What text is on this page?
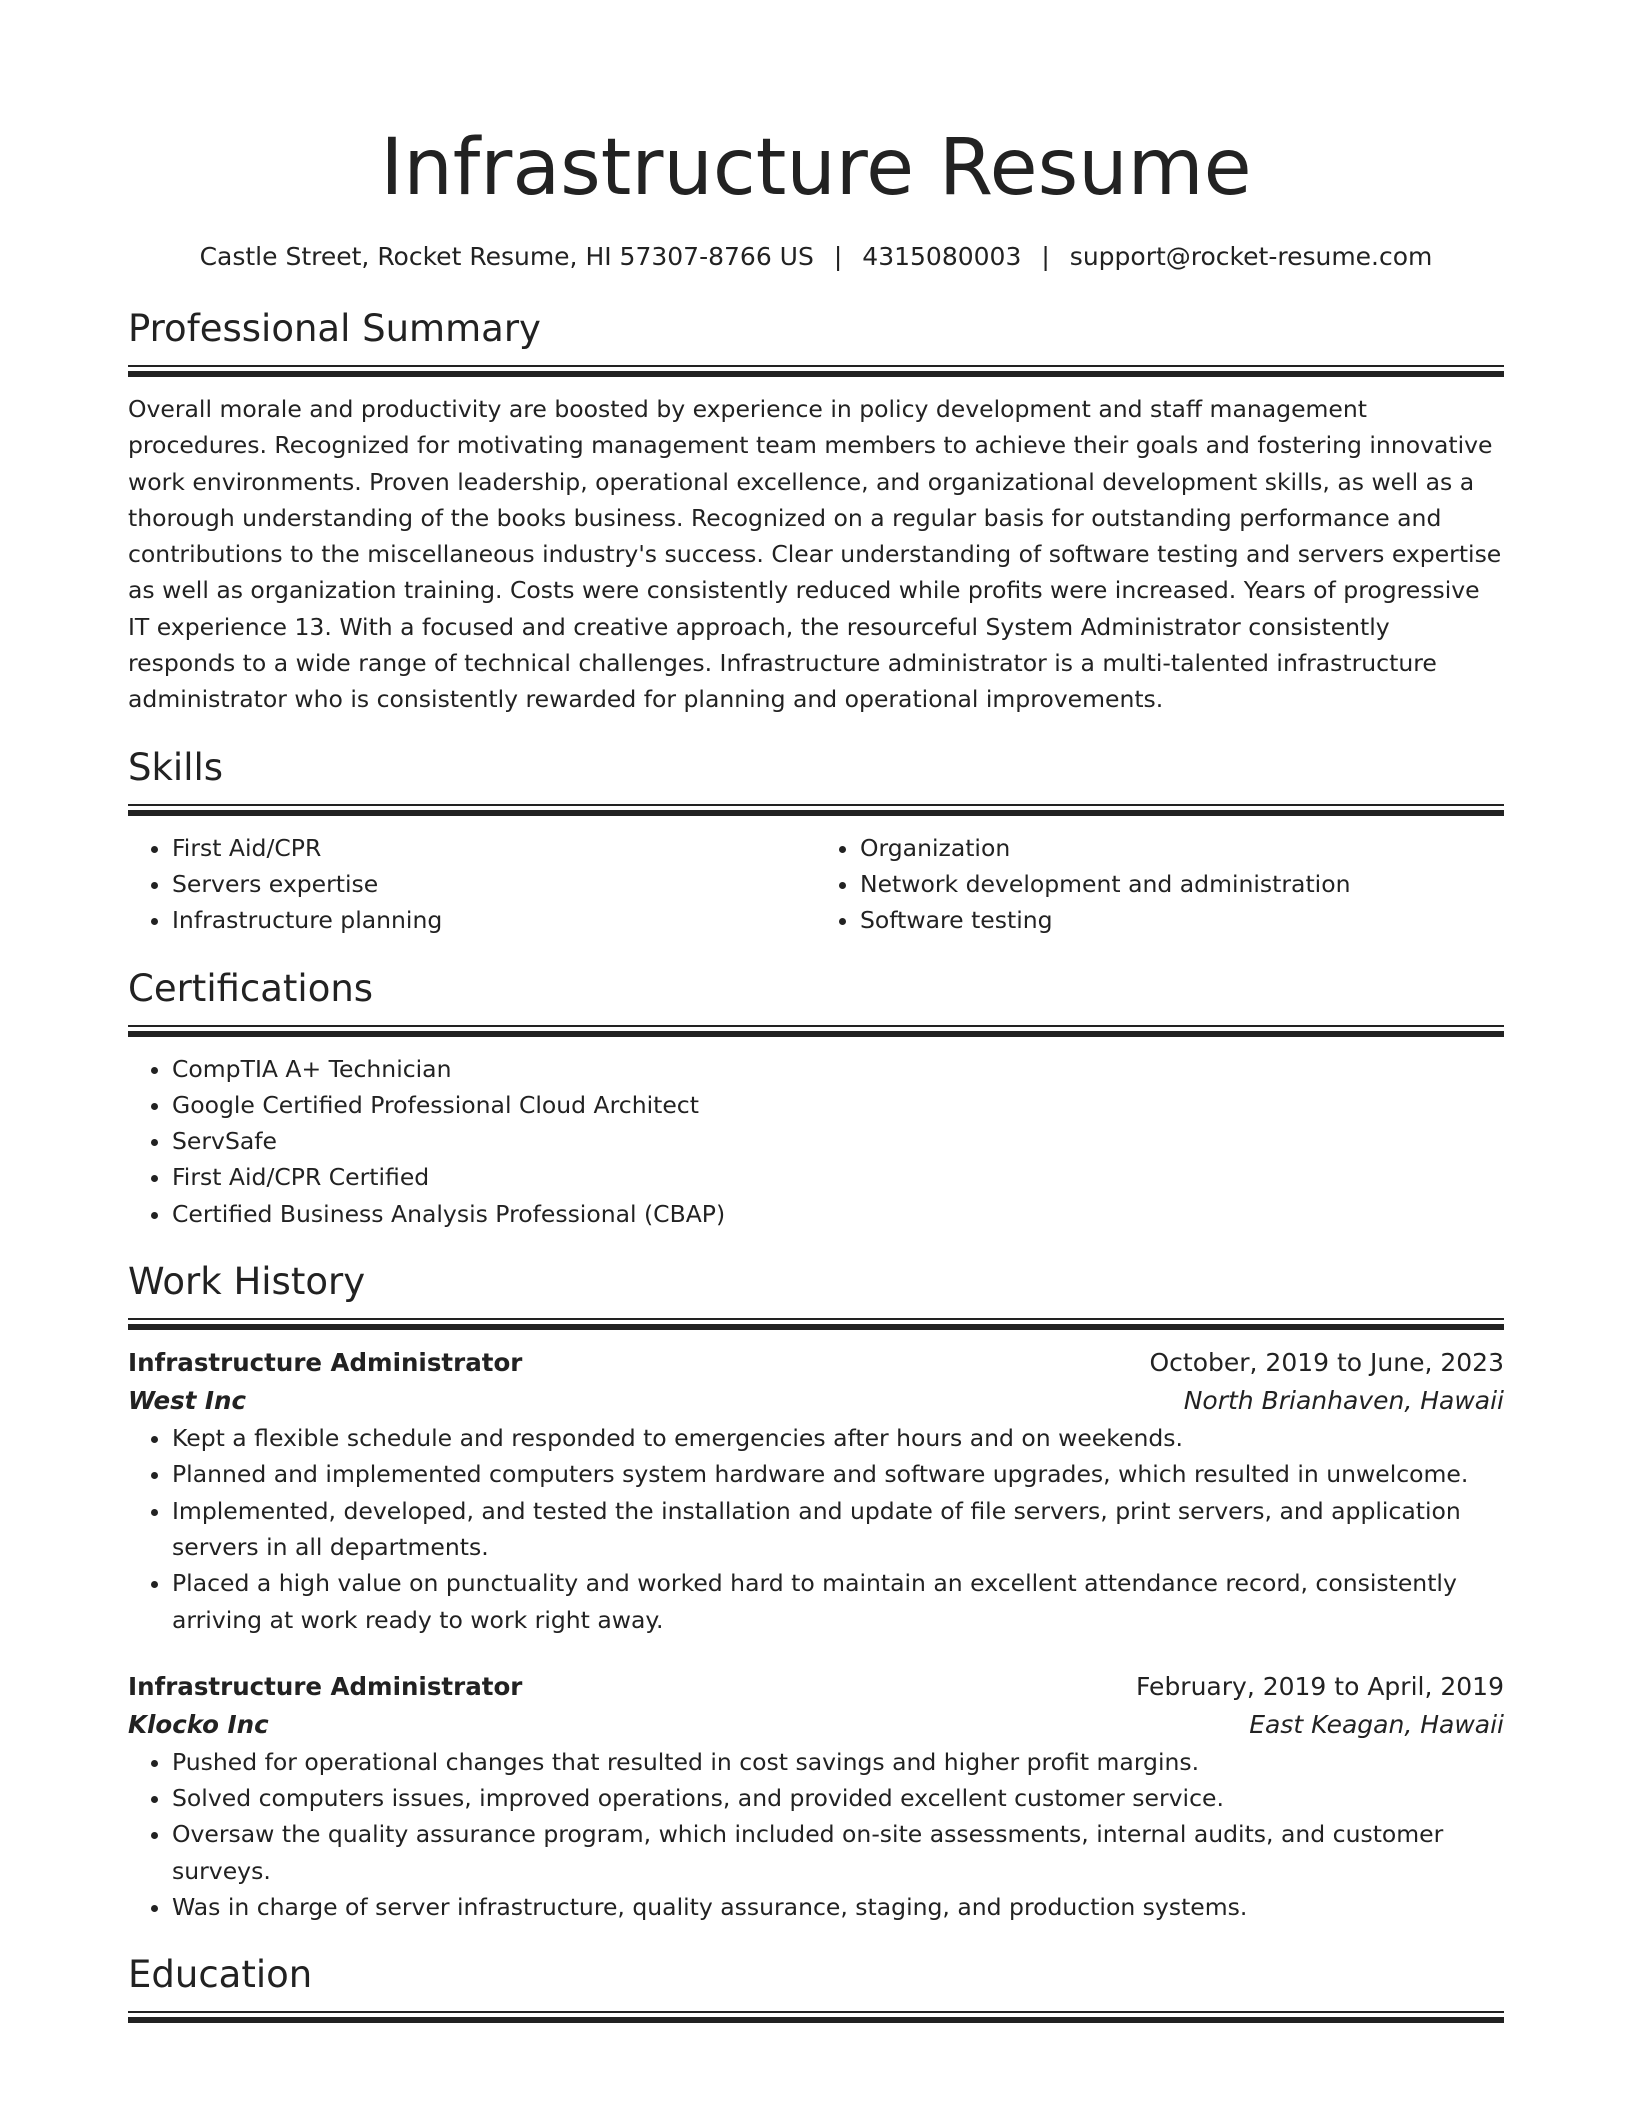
Infrastructure Resume
Castle Street, Rocket Resume, HI 57307-8766 US | 4315080003 | support@rocket-resume.com
Professional Summary

Overall morale and productivity are boosted by experience in policy development and staff management procedures. Recognized for motivating management team members to achieve their goals and fostering innovative work environments. Proven leadership, operational excellence, and organizational development skills, as well as a thorough understanding of the books business. Recognized on a regular basis for outstanding performance and contributions to the miscellaneous industry's success. Clear understanding of software testing and servers expertise as well as organization training. Costs were consistently reduced while profits were increased. Years of progressive IT experience 13. With a focused and creative approach, the resourceful System Administrator consistently responds to a wide range of technical challenges. Infrastructure administrator is a multi-talented infrastructure administrator who is consistently rewarded for planning and operational improvements.

Skills
• First Aid/CPR
• Servers expertise
• Infrastructure planning
• Organization
• Network development and administration
• Software testing
Certifications
• CompTIA A+ Technician
• Google Certified Professional Cloud Architect
• ServSafe
• First Aid/CPR Certified
• Certified Business Analysis Professional (CBAP)
Work History
Infrastructure Administrator	October, 2019 to June, 2023
West Inc	North Brianhaven, Hawaii
• Kept a flexible schedule and responded to emergencies after hours and on weekends.
• Planned and implemented computers system hardware and software upgrades, which resulted in unwelcome.
• Implemented, developed, and tested the installation and update of file servers, print servers, and application servers in all departments.
• Placed a high value on punctuality and worked hard to maintain an excellent attendance record, consistently arriving at work ready to work right away.
Infrastructure Administrator	February, 2019 to April, 2019
Klocko Inc	East Keagan, Hawaii
• Pushed for operational changes that resulted in cost savings and higher profit margins.
• Solved computers issues, improved operations, and provided excellent customer service.
• Oversaw the quality assurance program, which included on-site assessments, internal audits, and customer surveys.
• Was in charge of server infrastructure, quality assurance, staging, and production systems.
Education
